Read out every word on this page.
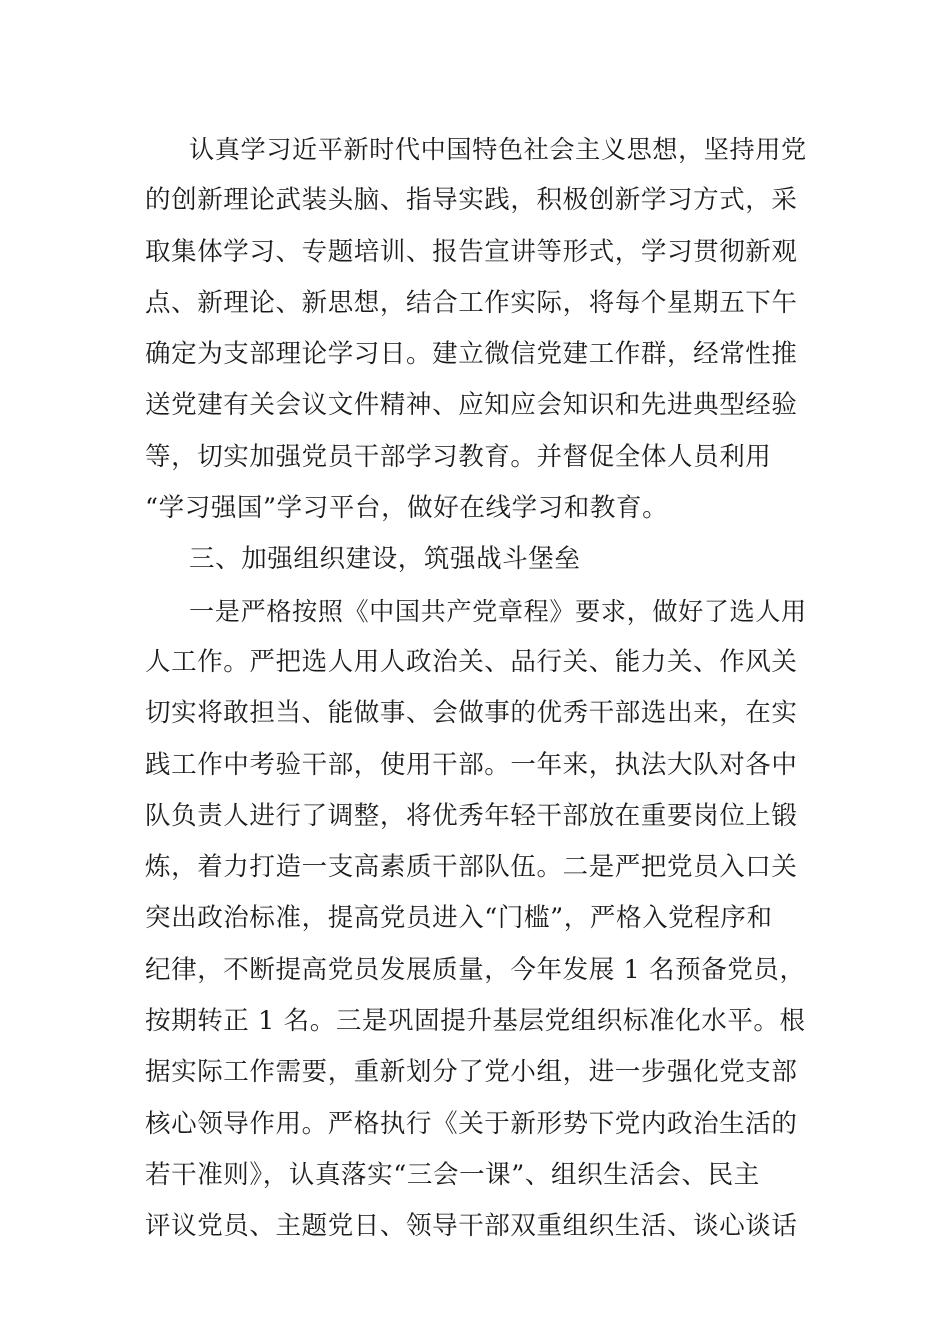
认真学习近平新时代中国特色社会主义思想，坚持用党
的创新理论武装头脑、指导实践，积极创新学习方式，采
取集体学习、专题培训、报告宣讲等形式，学习贯彻新观
点、新理论、新思想，结合工作实际，将每个星期五下午
确定为支部理论学习日。建立微信党建工作群，经常性推
送党建有关会议文件精神、应知应会知识和先进典型经验
等，切实加强党员干部学习教育。并督促全体人员利用
“学习强国”学习平台，做好在线学习和教育。
三、加强组织建设，筑强战斗堡垒
一是严格按照《中国共产党章程》要求，做好了选人用
人工作。严把选人用人政治关、品行关、能力关、作风关
切实将敢担当、能做事、会做事的优秀干部选出来，在实
践工作中考验干部，使用干部。一年来，执法大队对各中
队负责人进行了调整，将优秀年轻干部放在重要岗位上锻
炼，着力打造一支高素质干部队伍。二是严把党员入口关
突出政治标准，提高党员进入“门槛”，严格入党程序和
纪律，不断提高党员发展质量，今年发展 1 名预备党员，
按期转正 1 名。三是巩固提升基层党组织标准化水平。根
据实际工作需要，重新划分了党小组，进一步强化党支部
核心领导作用。严格执行《关于新形势下党内政治生活的
若干准则》，认真落实“三会一课”、组织生活会、民主
评议党员、主题党日、领导干部双重组织生活、谈心谈话
